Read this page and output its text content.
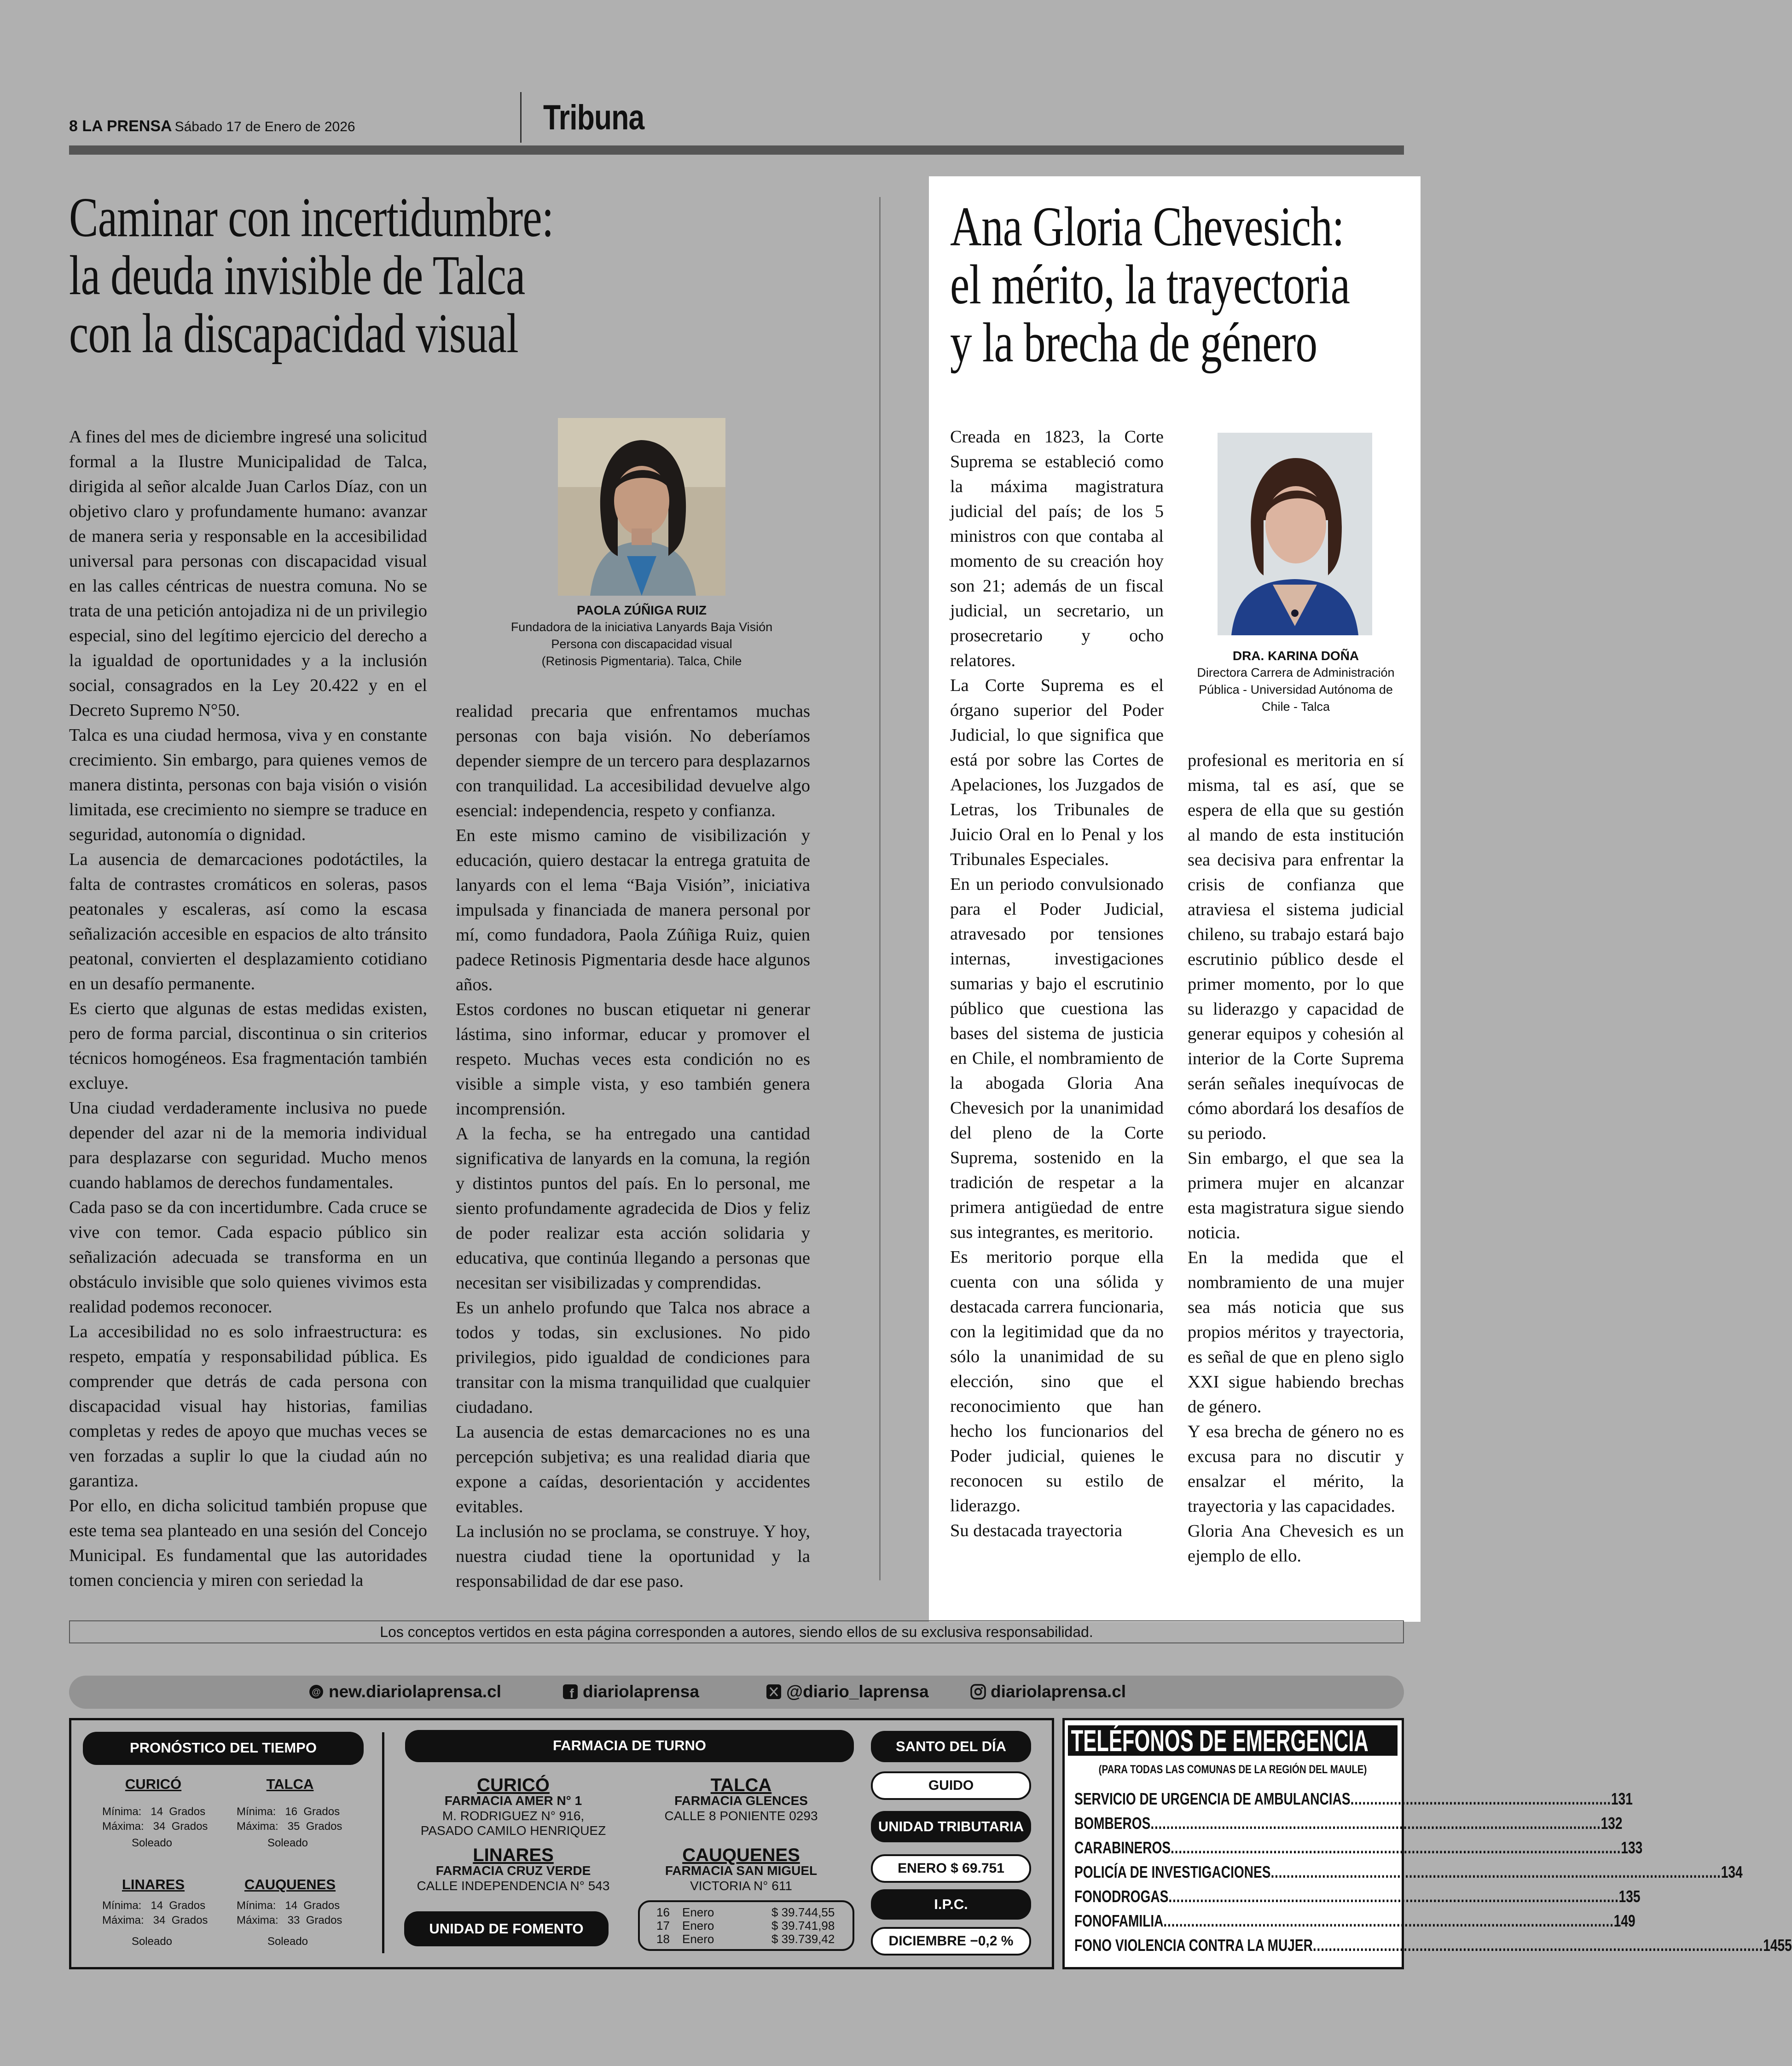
8 LA PRENSA Sábado 17 de Enero de 2026	Tribuna
Caminar con incertidumbre:
la deuda invisible de Talca
con la discapacidad visual
Ana Gloria Chevesich:
el mérito, la trayectoria
y la brecha de género
PAOLA ZÚÑIGA RUIZ
Fundadora de la iniciativa Lanyards Baja Visión
Persona con discapacidad visual
(Retinosis Pigmentaria). Talca, Chile	DRA. KARINA DOÑA
Directora Carrera de Administración
Pública - Universidad Autónoma de
Chile - Talca

A fines del mes de diciembre ingresé una solicitud formal a la Ilustre Municipalidad de Talca, dirigida al señor alcalde Juan Carlos Díaz, con un objetivo claro y profundamente humano: avanzar de manera seria y responsable en la accesibilidad universal para personas con discapacidad visual en las calles céntricas de nuestra comuna. No se trata de una petición antojadiza ni de un privilegio especial, sino del legítimo ejercicio del derecho a la igualdad de oportunidades y a la inclusión social, consagrados en la Ley 20.422 y en el Decreto Supremo N°50.

Talca es una ciudad hermosa, viva y en constante crecimiento. Sin embargo, para quienes vemos de manera distinta, personas con baja visión o visión limitada, ese crecimiento no siempre se traduce en seguridad, autonomía o dignidad.

La ausencia de demarcaciones podotáctiles, la falta de contrastes cromáticos en soleras, pasos peatonales y escaleras, así como la escasa señalización accesible en espacios de alto tránsito peatonal, convierten el desplazamiento cotidiano en un desafío permanente.

Es cierto que algunas de estas medidas existen, pero de forma parcial, discontinua o sin criterios técnicos homogéneos. Esa fragmentación también excluye.

Una ciudad verdaderamente inclusiva no puede depender del azar ni de la memoria individual para desplazarse con seguridad. Mucho menos cuando hablamos de derechos fundamentales.

Cada paso se da con incertidumbre. Cada cruce se vive con temor. Cada espacio público sin señalización adecuada se transforma en un obstáculo invisible que solo quienes vivimos esta realidad podemos reconocer.

La accesibilidad no es solo infraestructura: es respeto, empatía y responsabilidad pública. Es comprender que detrás de cada persona con discapacidad visual hay historias, familias completas y redes de apoyo que muchas veces se ven forzadas a suplir lo que la ciudad aún no garantiza.

Por ello, en dicha solicitud también propuse que este tema sea planteado en una sesión del Concejo Municipal. Es fundamental que las autoridades tomen conciencia y miren con seriedad la

realidad precaria que enfrentamos muchas personas con baja visión. No deberíamos depender siempre de un tercero para desplazarnos con tranquilidad. La accesibilidad devuelve algo esencial: independencia, respeto y confianza.

En este mismo camino de visibilización y educación, quiero destacar la entrega gratuita de lanyards con el lema “Baja Visión”, iniciativa impulsada y financiada de manera personal por mí, como fundadora, Paola Zúñiga Ruiz, quien padece Retinosis Pigmentaria desde hace algunos años.

Estos cordones no buscan etiquetar ni generar lástima, sino informar, educar y promover el respeto. Muchas veces esta condición no es visible a simple vista, y eso también genera incomprensión.

A la fecha, se ha entregado una cantidad significativa de lanyards en la comuna, la región y distintos puntos del país. En lo personal, me siento profundamente agradecida de Dios y feliz de poder realizar esta acción solidaria y educativa, que continúa llegando a personas que necesitan ser visibilizadas y comprendidas.

Es un anhelo profundo que Talca nos abrace a todos y todas, sin exclusiones. No pido privilegios, pido igualdad de condiciones para transitar con la misma tranquilidad que cualquier ciudadano.

La ausencia de estas demarcaciones no es una percepción subjetiva; es una realidad diaria que expone a caídas, desorientación y accidentes evitables.

La inclusión no se proclama, se construye. Y hoy, nuestra ciudad tiene la oportunidad y la responsabilidad de dar ese paso.

Creada en 1823, la Corte Suprema se estableció como la máxima magistratura judicial del país; de los 5 ministros con que contaba al momento de su creación hoy son 21; además de un fiscal judicial, un secretario, un prosecretario y ocho relatores.

La Corte Suprema es el órgano superior del Poder Judicial, lo que significa que está por sobre las Cortes de Apelaciones, los Juzgados de Letras, los Tribunales de Juicio Oral en lo Penal y los Tribunales Especiales.

En un periodo convulsionado para el Poder Judicial, atravesado por tensiones internas, investigaciones sumarias y bajo el escrutinio público que cuestiona las bases del sistema de justicia en Chile, el nombramiento de la abogada Gloria Ana Chevesich por la unanimidad del pleno de la Corte Suprema, sostenido en la tradición de respetar a la primera antigüedad de entre sus integrantes, es meritorio.

Es meritorio porque ella cuenta con una sólida y destacada carrera funcionaria, con la legitimidad que da no sólo la unanimidad de su elección, sino que el reconocimiento que han hecho los funcionarios del Poder judicial, quienes le reconocen su estilo de liderazgo.

Su destacada trayectoria

profesional es meritoria en sí misma, tal es así, que se espera de ella que su gestión al mando de esta institución sea decisiva para enfrentar la crisis de confianza que atraviesa el sistema judicial chileno, su trabajo estará bajo escrutinio público desde el primer momento, por lo que su liderazgo y capacidad de generar equipos y cohesión al interior de la Corte Suprema serán señales inequívocas de cómo abordará los desafíos de su periodo.

Sin embargo, el que sea la primera mujer en alcanzar esta magistratura sigue siendo noticia.

En la medida que el nombramiento de una mujer sea más noticia que sus propios méritos y trayectoria, es señal de que en pleno siglo XXI sigue habiendo brechas de género.

Y esa brecha de género no es excusa para no discutir y ensalzar el mérito, la trayectoria y las capacidades.

Gloria Ana Chevesich es un ejemplo de ello.

Los conceptos vertidos en esta página corresponden a autores, siendo ellos de su exclusiva responsabilidad.
@ new.diariolaprensa.cl	f diariolaprensa	@diario_laprensa	diariolaprensa.cl
PRONÓSTICO DEL TIEMPO
CURICÓ
Mínima:   14  Grados
Máxima:   34  Grados
Soleado
TALCA
Mínima:   16  Grados
Máxima:   35  Grados
Soleado
LINARES
Mínima:   14  Grados
Máxima:   34  Grados
Soleado
CAUQUENES
Mínima:   14  Grados
Máxima:   33  Grados
Soleado
FARMACIA DE TURNO
CURICÓ
FARMACIA AMER N° 1
M. RODRIGUEZ N° 916,
PASADO CAMILO HENRIQUEZ
TALCA
FARMACIA GLENCES
CALLE 8 PONIENTE 0293
LINARES
FARMACIA CRUZ VERDE
CALLE INDEPENDENCIA N° 543
CAUQUENES
FARMACIA SAN MIGUEL
VICTORIA N° 611
UNIDAD DE FOMENTO
16	Enero	$ 39.744,55
17	Enero	$ 39.741,98
18	Enero	$ 39.739,42
SANTO DEL DÍA
GUIDO
UNIDAD TRIBUTARIA
ENERO $ 69.751
I.P.C.
DICIEMBRE −0,2 %
TELÉFONOS DE EMERGENCIA
(PARA TODAS LAS COMUNAS DE LA REGIÓN DEL MAULE)
SERVICIO DE URGENCIA DE AMBULANCIAS .................................................................. 131
BOMBEROS .................................................................................................................. 132
CARABINEROS .................................................................................................................. 133
POLICÍA DE INVESTIGACIONES .................................................................................................................. 134
FONODROGAS .................................................................................................................. 135
FONOFAMILIA .................................................................................................................. 149
FONO VIOLENCIA CONTRA LA MUJER .................................................................................................................. 1455
